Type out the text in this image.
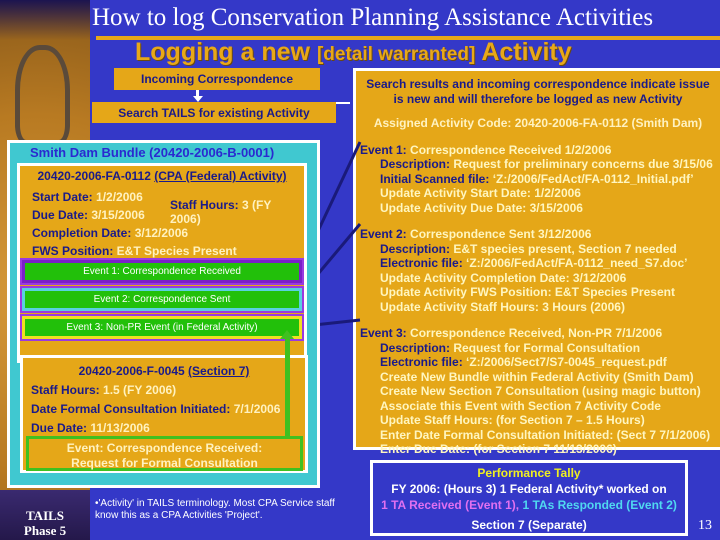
TAILS
Phase 5
How to log Conservation Planning Assistance Activities
Logging a new [detail warranted] Activity
Incoming Correspondence
Search TAILS for existing Activity
Search results and incoming correspondence indicate issue
is new and will therefore be logged as new Activity
Assigned Activity Code: 20420-2006-FA-0112 (Smith Dam)
Event 1: Correspondence Received 1/2/2006
Description: Request for preliminary concerns due 3/15/06
Initial Scanned file: ‘Z:/2006/FedAct/FA-0112_Initial.pdf’
Update Activity Start Date: 1/2/2006
Update Activity Due Date: 3/15/2006
Event 2: Correspondence Sent 3/12/2006
Description: E&T species present, Section 7 needed
Electronic file: ‘Z:/2006/FedAct/FA-0112_need_S7.doc’
Update Activity Completion Date: 3/12/2006
Update Activity FWS Position: E&T Species Present
Update Activity Staff Hours: 3 Hours (2006)
Event 3: Correspondence Received, Non-PR 7/1/2006
Description: Request for Formal Consultation
Electronic file: ‘Z:/2006/Sect7/S7-0045_request.pdf
Create New Bundle within Federal Activity (Smith Dam)
Create New Section 7 Consultation (using magic button)
Associate this Event with Section 7 Activity Code
Update Staff Hours: (for Section 7 – 1.5 Hours)
Enter Date Formal Consultation Initiated: (Sect 7 7/1/2006)
Enter Due Date: (for Section 7 11/13/2006)
Smith Dam Bundle (20420-2006-B-0001)
20420-2006-FA-0112 (CPA (Federal) Activity)
Start Date: 1/2/2006
Staff Hours: 3 (FY 2006)
Due Date: 3/15/2006
Completion Date: 3/12/2006
FWS Position: E&T Species Present
Event 1: Correspondence Received
Event 2: Correspondence Sent
Event 3: Non-PR Event (in Federal Activity)
20420-2006-F-0045 (Section 7)
Staff Hours: 1.5 (FY 2006)
Date Formal Consultation Initiated: 7/1/2006
Due Date: 11/13/2006
Event: Correspondence Received:
Request for Formal Consultation
•'Activity' in TAILS terminology. Most CPA Service staff know this as a CPA Activities 'Project'.
Performance Tally
FY 2006: (Hours 3) 1 Federal Activity* worked on
1 TA Received (Event 1), 1 TAs Responded (Event 2)
Section 7 (Separate)	13
